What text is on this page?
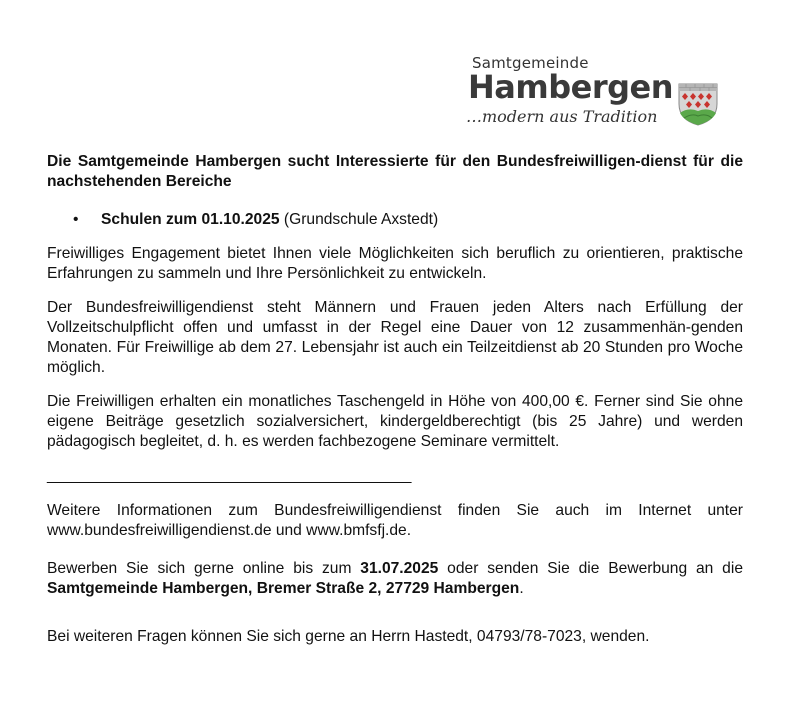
Samtgemeinde
Hambergen
…modern aus Tradition

Die Samtgemeinde Hambergen sucht Interessierte für den Bundesfreiwilligen-dienst für die nachstehenden Bereiche

• Schulen zum 01.10.2025 (Grundschule Axstedt)

Freiwilliges Engagement bietet Ihnen viele Möglichkeiten sich beruflich zu orientieren, praktische Erfahrungen zu sammeln und Ihre Persönlichkeit zu entwickeln.

Der Bundesfreiwilligendienst steht Männern und Frauen jeden Alters nach Erfüllung der Vollzeitschulpflicht offen und umfasst in der Regel eine Dauer von 12 zusammenhän-genden Monaten. Für Freiwillige ab dem 27. Lebensjahr ist auch ein Teilzeitdienst ab 20 Stunden pro Woche möglich.

Die Freiwilligen erhalten ein monatliches Taschengeld in Höhe von 400,00 €. Ferner sind Sie ohne eigene Beiträge gesetzlich sozialversichert, kindergeldberechtigt (bis 25 Jahre) und werden pädagogisch begleitet, d. h. es werden fachbezogene Seminare vermittelt.

____________________________________________

Weitere Informationen zum Bundesfreiwilligendienst finden Sie auch im Internet unter www.bundesfreiwilligendienst.de und www.bmfsfj.de.

Bewerben Sie sich gerne online bis zum 31.07.2025 oder senden Sie die Bewerbung an die Samtgemeinde Hambergen, Bremer Straße 2, 27729 Hambergen.

Bei weiteren Fragen können Sie sich gerne an Herrn Hastedt, 04793/78-7023, wenden.
